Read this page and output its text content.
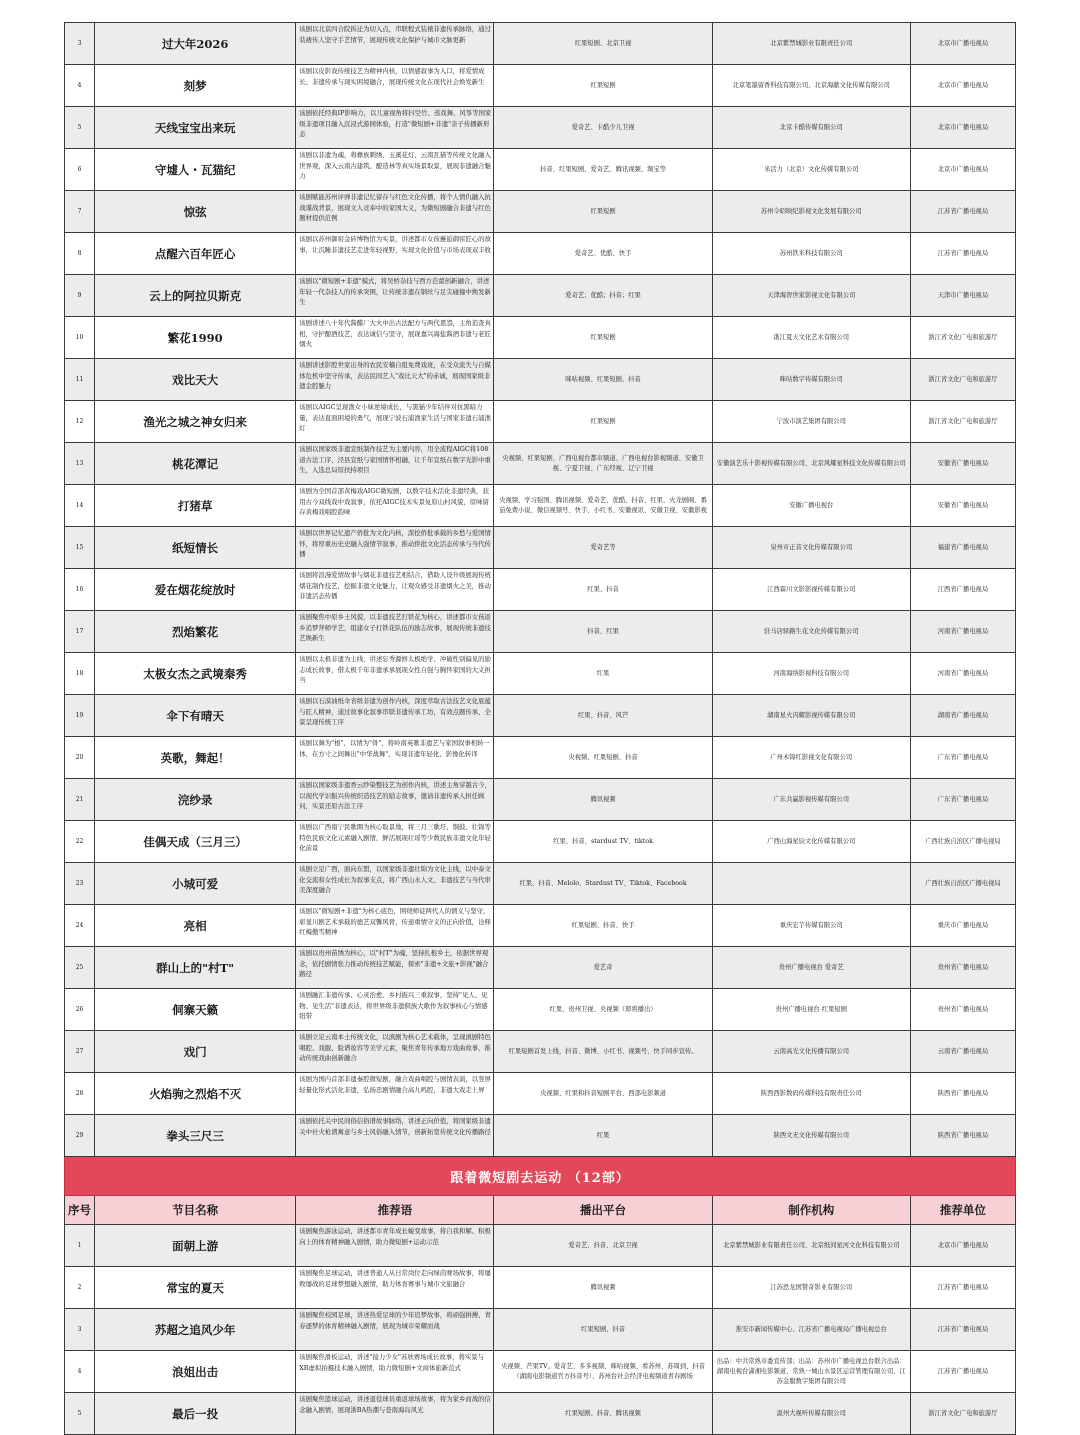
3	过大年2026	该剧以北京四合院拆迁为切入点，串联程式装裱非遗传承脉络，通过装裱传人坚守手艺情节，展现传统文化保护与城市文脉更新	红果短剧、北京卫视	北京紫禁城影业有限责任公司	北京市广播电视局
4	刻梦	该剧以皮影戏传统技艺为精神内核，以情感叙事为入口，将爱情成长、非遗传承与现实困境融合，展现传统文化在现代社会焕发新生	红果短剧	北京笔墨留香科技有限公司、北京海献文化传媒有限公司	北京市广播电视局
5	天线宝宝出来玩	该剧依托经典IP影响力，以儿童视角将抖空竹、蒸戏舞、风筝等国家级非遗项目融入沉浸式游园体验，打造"微短剧+非遗"亲子传播新形态	爱奇艺、卡酷少儿卫视	北京卡酷传媒有限公司	北京市广播电视局
6	守墟人・瓦猫纪	该剧以非遗为魂，将彝族刺绣、玉溪花灯、云南瓦猫等传统文化融入世界观，深入云南古建筑、酿造林等真实场景取景，展现非遗融合魅力	抖音、红果短剧、爱奇艺、腾讯视频、淘宝等	米活力（北京）文化传媒有限公司	北京市广播电视局
7	惊弦	该剧赋能苏州评弹非遗记忆留存与红色文化传播，将个人情仇融入抗战谍战背景，展现文人竞奉中的家国大义，为微短剧融合非遗与红色题材提供范例	红果短剧	苏州令昭映纪影视文化发展有限公司	江苏省广播电视局
8	点醒六百年匠心	该剧以苏州御窑金砖博物馆为实景，讲述都市女孩邂逅御窑匠心的故事，让沉睡非遗技艺走进年轻视野，实现文化价值与市场表现双丰收	爱奇艺、优酷、快手	苏州铁米科技有限公司	江苏省广播电视局
9	云上的阿拉贝斯克	该剧以"微短剧+非遗"模式，将吴桥杂技与西方芭蕾创新融合，讲述年轻一代杂技人的传承突围，让传统非遗在钢丝与足尖碰撞中焕发新生	爱奇艺；优酷；抖音；红果	天津海智世家影视文化有限公司	天津市广播电视局
10	繁花1990	该剧讲述八十年代酱醋厂大火中出古法配方与两代恩怨，主角追查真相，守护酿酒技艺，表达诚信与坚守，展现嘉兴海盐酱酒非遗与老匠烟火	红果短剧	浙江夏天文化艺术有限公司	浙江省文化广电和旅游厅
11	戏比天大	该剧讲述影腔世家出身的农民安楠自组免费戏班，在受众流失与自媒体危机中坚守传承，表达民间艺人"戏比天大"的赤诚，展现国家级非遗金腔魅力	咪咕视频、红果短剧、抖音	咪咕数字传媒有限公司	浙江省文化广电和旅游厅
12	渔光之城之神女归来	该剧以AIGC呈现渔女小妹逆境成长，与黑猫少年结伴对抗黑暗力量，表达直面困境的勇气，展现宁波石浦渔家生活与国家非遗石浦渔灯	红果短剧	宁波市演艺集团有限公司	浙江省文化广电和旅游厅
13	桃花潭记	该剧以国家级非遗宣纸制作技艺为主要内容，用全流程AIGC将108道古法工序、泾县宣纸与家国情怀相融，让千年宣纸在数字光影中重生，入选总局原扶持项目	央视频、红果短剧、广西电视台都市频道、广西电视台影视频道、安徽卫视、宁夏卫视、广东经视、辽宁卫视	安徽演艺乐十影视传媒有限公司、北京风耀星科技文化传媒有限公司	安徽省广播电视局
14	打猪草	该剧为全国首部黄梅戏AIGC微短剧，以数字技术活化非遗经典，获用古今双线戏中戏叙事，依托AIGC技术实景复原山村风貌，原味留存黄梅戏唱腔韵味	央视频、学习强国、腾讯视频、爱奇艺、优酷、抖音、红果、火龙剧阁、番茄免费小说、微信视频号、快手、小红书、安徽视讯、安徽卫视、安徽影视	安徽广播电视台	安徽省广播电视局
15	纸短情长	该剧以世界记忆遗产侨批为文化内核，深挖侨批承载的乡愁与爱国情怀，将厚重历史史融入强情节叙事，推动侨批文化活态传承与当代传播	爱奇艺等	泉州市正音文化传媒有限公司	福建省广播电视局
16	爱在烟花绽放时	该剧将浪漫爱情故事与烟花非遗技艺相结合，借助人设升级展现传统烟花制作技艺，挖掘非遗文化魅力，让观众感受非遗烟火之美，推动非遗活态传播	红果、抖音	江西霖川文影影视传媒有限公司	江西省广播电视局
17	烈焰繁花	该剧聚焦中原乡土风貌，以非遗技艺打铁花为核心，讲述都市女孩返乡追梦拜师学艺，组建女子打铁花队伍的励志故事，展现传统非遗技艺焕新生	抖音、红果	驻马店驿路生花文化传媒有限公司	河南省广播电视局
18	太极女杰之武境秦秀	该剧以太极非遗为主线，讲述忘秀源修太极绝学、冲破性别偏见的励志成长故事，借太极千年非遗承承展现女性自强与胸怀家国的大义担当	红果	河南海纳影视科技有限公司	河南省广播电视局
19	伞下有晴天	该剧以石漠油纸伞省级非遗为创作内核，深度萃取古法技艺文化底蕴与匠人精神，通过故事化叙事串联非遗传承工坊，有效点题传承，全景呈现传统工序	红果、抖音、风芒	湖南星火闪耀影视传媒有限公司	湖南省广播电视局
20	英歌，舞起！	该剧以舞为"根"、以情为"骨"，将岭南英歌非遗艺与家国叙事相转一体，在方寸之间舞出"中华战舞"，实现非遗年轻化、影像化转译	央视频、红果短剧、抖音	广州木锦红影视文化有限公司	广东省广播电视局
21	浣纱录	该剧以国家级非遗香云纱染整技艺为创作内核，讲述主角穿越古今，以现代学识振兴传统织造技艺的励志故事，邀请非遗传承人担任顾问，实景还原古法工序	腾讯视频	广东共赢影视传媒有限公司	广东省广播电视局
22	佳偶天成（三月三）	该剧以广西南宁民歌圈为核心取景地，将三月三歌圩、铜鼓、壮锦等特色民族文化元素融入剧情，鲜活展现壮瑶等少数民族非遗文化年轻化前景	红果、抖音、stardust TV、tiktok	广西山海星辰文化传媒有限公司	广西壮族自治区广播电视局
23	小城可爱	该剧立足广西，面向东盟，以国家级非遗壮锦为文化主线，以中泰文化交流和女性成长为叙事支点，将广西山水人文、非遗技艺与当代审美深度融合	红果、抖音、Melolo、Stardust TV、Tiktok、Facebook		广西壮族自治区广播电视局
24	亮相	该剧以"微短剧+非遗"为核心底色，围绕师徒两代人的情义与坚守，彰显川剧艺术承载的德艺双馨风骨，传递重情守义的正向价值，诠释红梅傲雪精神	红果短剧、抖音、快手	重庆宏芋传媒有限公司	重庆市广播电视局
25	群山上的"村T"	该剧以贵州苗绣为核心，以"村T"为魂，坚持扎根乡土，依据世界观念，依托剧情张力推动传统技艺赋能，探索"非遗+文旅+影视"融合路径	爱艺奇	贵州广播电视台 爱奇艺	贵州省广播电视局
26	侗寨天籁	该剧融汇非遗传承、心灵治愈、乡村振兴三重叙事，坚持"见人、见物、见生活"非遗表达，将世界级非遗侗族大歌作为叙事核心与情感纽带	红果、贵州卫视、央视频（即将播出）	贵州广播电视台 红果短剧	贵州省广播电视局
27	戏门	该剧立足云南本土传统文化，以滇剧为核心艺术载体，呈现滇剧特色唱腔、戏服、脸谱妆容等美学元素，聚焦青年传承地方戏曲故事，推动传统戏曲创新融合	红果短剧首发上线，抖音、微博、小红书、视频号、快手同步宣传。	云南高光文化传播有限公司	云南省广播电视局
28	火焰驹之烈焰不灭	该剧为国内首部非遗秦腔微短剧，融合戏曲唱腔与剧情表演，以竖屏轻量化形式活化非遗，弘扬忠剧情融合高九鸣腔，非遗大戏走上屏	央视频、红果和抖音短剧平台、西部电影频道	陕西西影数码传媒科技有限责任公司	陕西省广播电视局
29	拳头三尺三	该剧依托关中民间俗信俗谱故事脉络，讲述正向价值，将国家级非遗关中社火枪谱寓意与乡土风俗融入情节，创新拓宽传统文化传播路径	红果	陕西文无文化传媒有限公司	陕西省广播电视局

跟着微短剧去运动 （12部）					

序号	节目名称	推荐语	播出平台	制作机构	推荐单位
1	面朝上游	该剧聚焦游泳运动，讲述都市青年成长蜕变故事，将自我和解、积极向上的体育精神融入剧情，助力微短剧+运动示范	爱奇艺、抖音、北京卫视	北京紫禁城影业有限责任公司、北京纸间星河文化科技有限公司	北京市广播电视局
2	常宝的夏天	该剧聚焦足球运动，讲述普通人从日常岗位走向绿茵赛场故事，将屡败屡战的足球梦想融入剧情，助力体育赛事与城市文旅融合	腾讯视频	江苏恐龙国赞奇影业有限公司	江苏省广播电视局
3	苏超之追风少年	该剧聚焦校园足球，讲述热爱足球的少年追梦故事，将顽强拼搏、青春逐梦的体育精神融入剧情，展现为城市荣耀而战	红果短剧、抖音	淮安市新闻传媒中心、江苏省广播电视局广播电视总台	江苏省广播电视局
4	浪姐出击	该剧聚焦滑板运动，讲述"接力少女"苏欣赛场成长故事，将实景与XR虚拟拍摄技术融入剧情，助力微短剧+文商体旅新范式	央视频、芒果TV、爱奇艺、多多视频、咪咕视频、看苏州、苏周到、抖音（湖南电影频道官方抖音号）、苏州台社会经济电视频道青春剧场	出品：中共常熟市委宣传部；出品：苏州市广播电视总台联合出品：湖南电视台潇湘电影频道、常熟一城山水景区运营管理有限公司、江苏金服数字集团有限公司	江苏省广播电视局
5	最后一投	该剧聚焦篮球运动，讲述退役球员重返球场故事，将为家乡而战的信念融入剧情，展现浙BA热潮与苍南海岛风光	红果短剧、抖音、腾讯视频	温州大视听传媒有限公司	浙江省文化广电和旅游厅
